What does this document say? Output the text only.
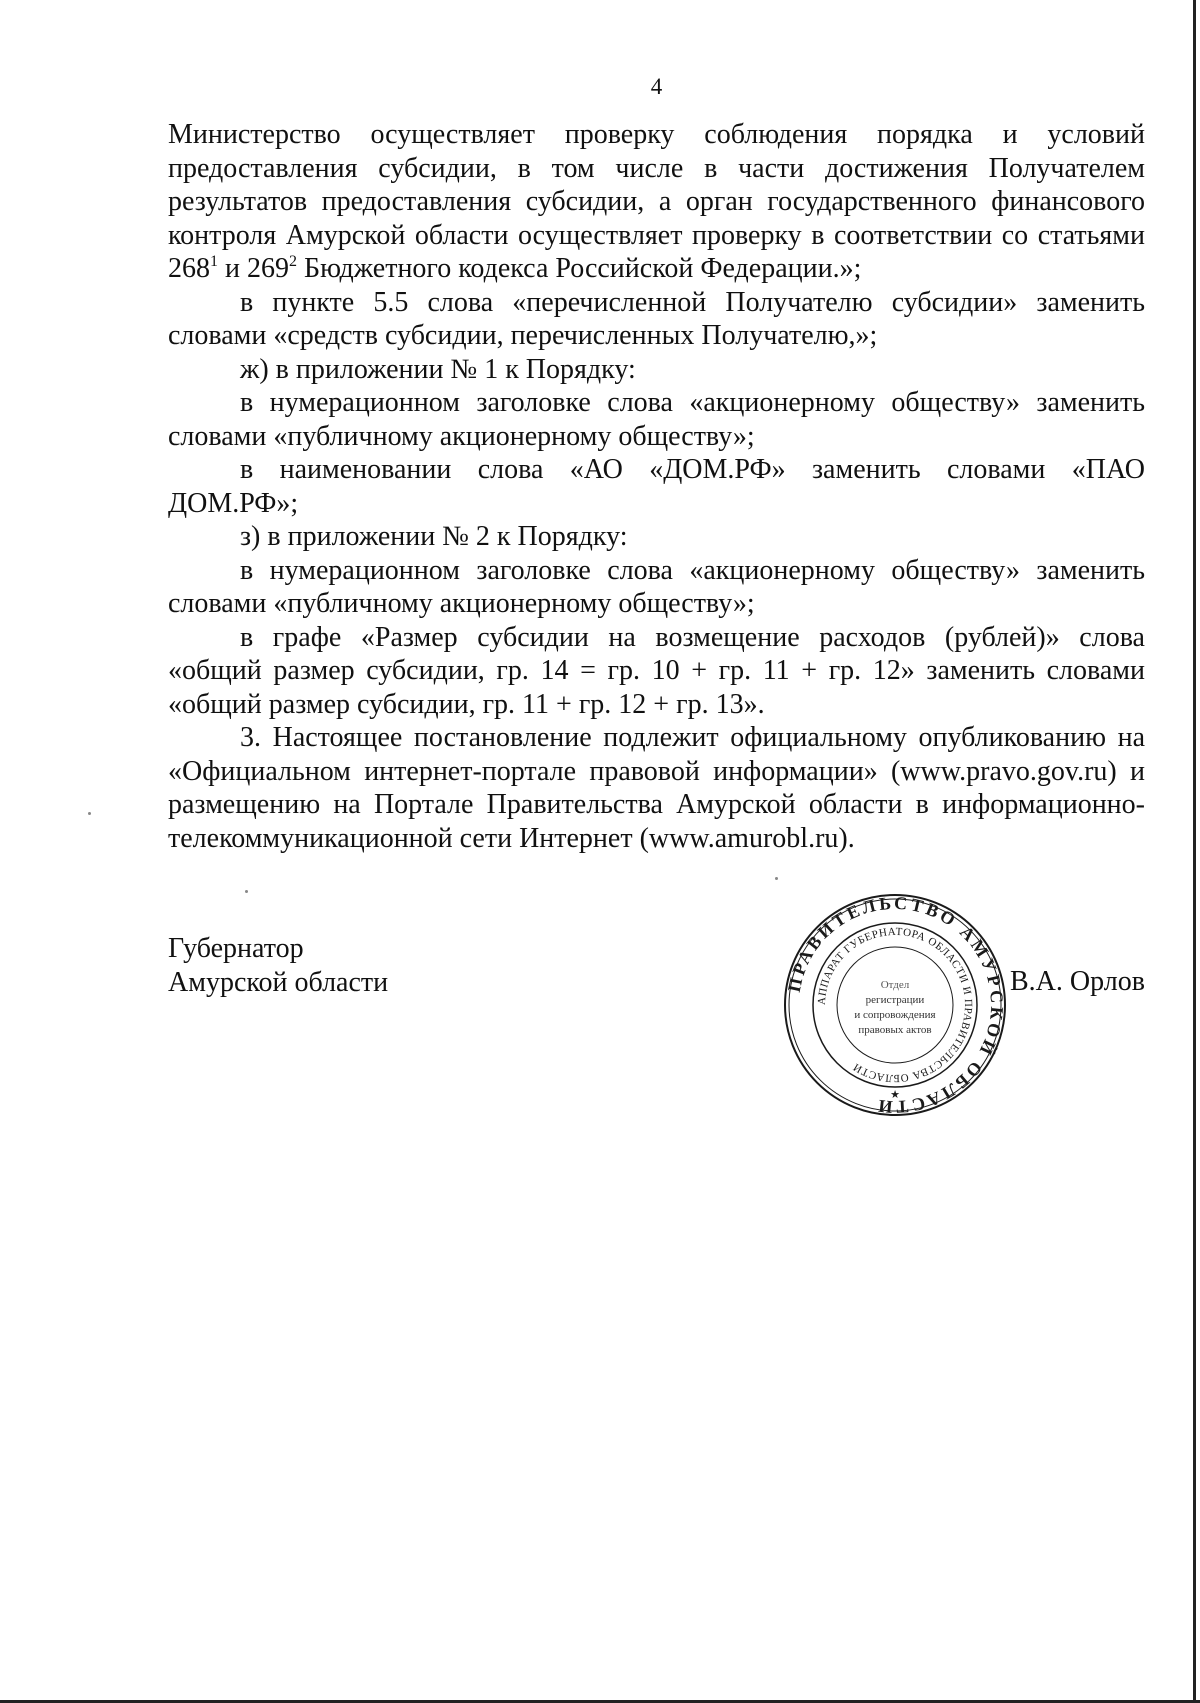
4

Министерство осуществляет проверку соблюдения порядка и условий предоставления субсидии, в том числе в части достижения Получателем результатов предоставления субсидии, а орган государственного финансового контроля Амурской области осуществляет проверку в соответствии со статьями $268^1$ и $269^2$ Бюджетного кодекса Российской Федерации.»;

в пункте 5.5 слова «перечисленной Получателю субсидии» заменить словами «средств субсидии, перечисленных Получателю,»;

ж) в приложении № 1 к Порядку:

в нумерационном заголовке слова «акционерному обществу» заменить словами «публичному акционерному обществу»;

в наименовании слова «АО «ДОМ.РФ» заменить словами «ПАО ДОМ.РФ»;

з) в приложении № 2 к Порядку:

в нумерационном заголовке слова «акционерному обществу» заменить словами «публичному акционерному обществу»;

в графе «Размер субсидии на возмещение расходов (рублей)» слова «общий размер субсидии, гр. 14 = гр. 10 + гр. 11 + гр. 12» заменить словами «общий размер субсидии, гр. 11 + гр. 12 + гр. 13».

3. Настоящее постановление подлежит официальному опубликованию на «Официальном интернет-портале правовой информации» (www.pravo.gov.ru) и размещению на Портале Правительства Амурской области в информационно-телекоммуникационной сети Интернет (www.amurobl.ru).

Губернатор
Амурской области	В.А. Орлов
ПРАВИТЕЛЬСТВО АМУРСКОЙ ОБЛАСТИ
АППАРАТ ГУБЕРНАТОРА ОБЛАСТИ И ПРАВИТЕЛЬСТВА ОБЛАСТИ
Отдел
регистрации
и сопровождения
правовых актов
★
